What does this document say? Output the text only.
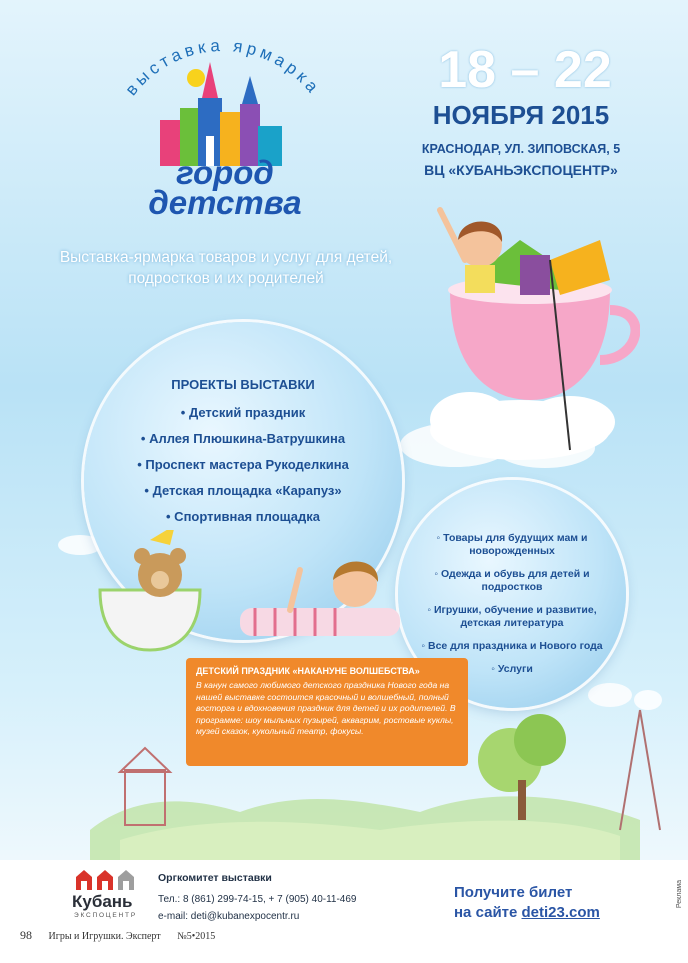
выставка ярмарка
город
детства
18 – 22
НОЯБРЯ 2015
КРАСНОДАР, УЛ. ЗИПОВСКАЯ, 5
ВЦ «КУБАНЬЭКСПОЦЕНТР»
Выставка-ярмарка товаров и услуг для детей,
подростков и их родителей
ПРОЕКТЫ ВЫСТАВКИ
• Детский праздник
• Аллея Плюшкина-Ватрушкина
• Проспект мастера Рукоделкина
• Детская площадка «Карапуз»
• Спортивная площадка
◦ Товары для будущих мам и новорожденных
◦ Одежда и обувь для детей и подростков
◦ Игрушки, обучение и развитие, детская литература
◦ Все для праздника и Нового года
◦ Услуги
ДЕТСКИЙ ПРАЗДНИК «НАКАНУНЕ ВОЛШЕБСТВА»
В канун самого любимого детского праздника Нового года на нашей выставке состоится красочный и волшебный, полный восторга и вдохновения праздник для детей и их родителей. В программе: шоу мыльных пузырей, аквагрим, ростовые куклы, музей сказок, кукольный театр, фокусы.
Кубань
ЭКСПОЦЕНТР
Оргкомитет выставки
Тел.: 8 (861) 299-74-15, + 7 (905) 40-11-469
e-mail: deti@kubanexpocentr.ru
Получите билет
на сайте deti23.com
Реклама
98 Игры и Игрушки. Эксперт №5•2015
